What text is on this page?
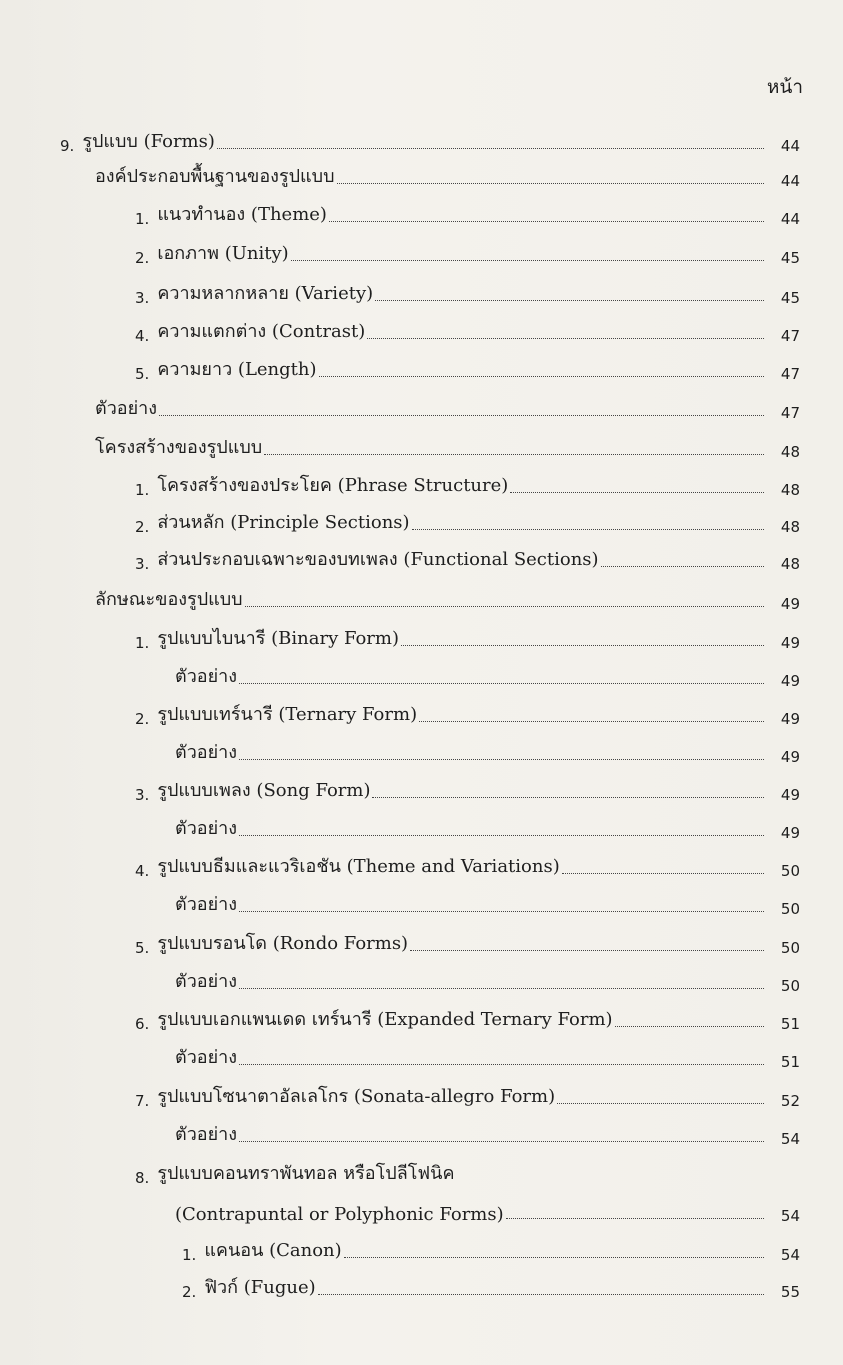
หน้า
9. รูปแบบ (Forms)	44
องค์ประกอบพื้นฐานของรูปแบบ	44
1. แนวทำนอง (Theme)	44
2. เอกภาพ (Unity)	45
3. ความหลากหลาย (Variety)	45
4. ความแตกต่าง (Contrast)	47
5. ความยาว (Length)	47
ตัวอย่าง	47
โครงสร้างของรูปแบบ	48
1. โครงสร้างของประโยค (Phrase Structure)	48
2. ส่วนหลัก (Principle Sections)	48
3. ส่วนประกอบเฉพาะของบทเพลง (Functional Sections)	48
ลักษณะของรูปแบบ	49
1. รูปแบบไบนารี (Binary Form)	49
ตัวอย่าง	49
2. รูปแบบเทร์นารี (Ternary Form)	49
ตัวอย่าง	49
3. รูปแบบเพลง (Song Form)	49
ตัวอย่าง	49
4. รูปแบบธีมและแวริเอชัน (Theme and Variations)	50
ตัวอย่าง	50
5. รูปแบบรอนโด (Rondo Forms)	50
ตัวอย่าง	50
6. รูปแบบเอกแพนเดด เทร์นารี (Expanded Ternary Form)	51
ตัวอย่าง	51
7. รูปแบบโซนาตาอัลเลโกร (Sonata-allegro Form)	52
ตัวอย่าง	54
8. รูปแบบคอนทราพันทอล หรือโปลีโฟนิค
(Contrapuntal or Polyphonic Forms)	54
1. แคนอน (Canon)	54
2. ฟิวก์ (Fugue)	55
